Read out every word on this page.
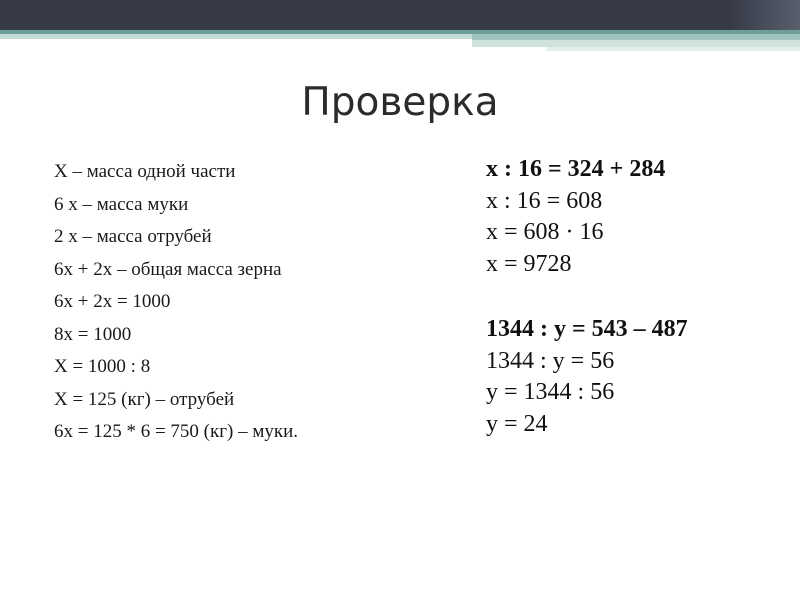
Проверка
Х – масса одной части
6 х – масса муки
2 х – масса отрубей
6х + 2х – общая масса зерна
6х + 2х = 1000
8х = 1000
Х = 1000 : 8
Х = 125 (кг) – отрубей
6х = 125 * 6 = 750 (кг) – муки.
x : 16 = 324 + 284
x : 16 = 608
x = 608 · 16
x = 9728
1344 : y = 543 – 487
1344 : y = 56
y = 1344 : 56
y = 24
